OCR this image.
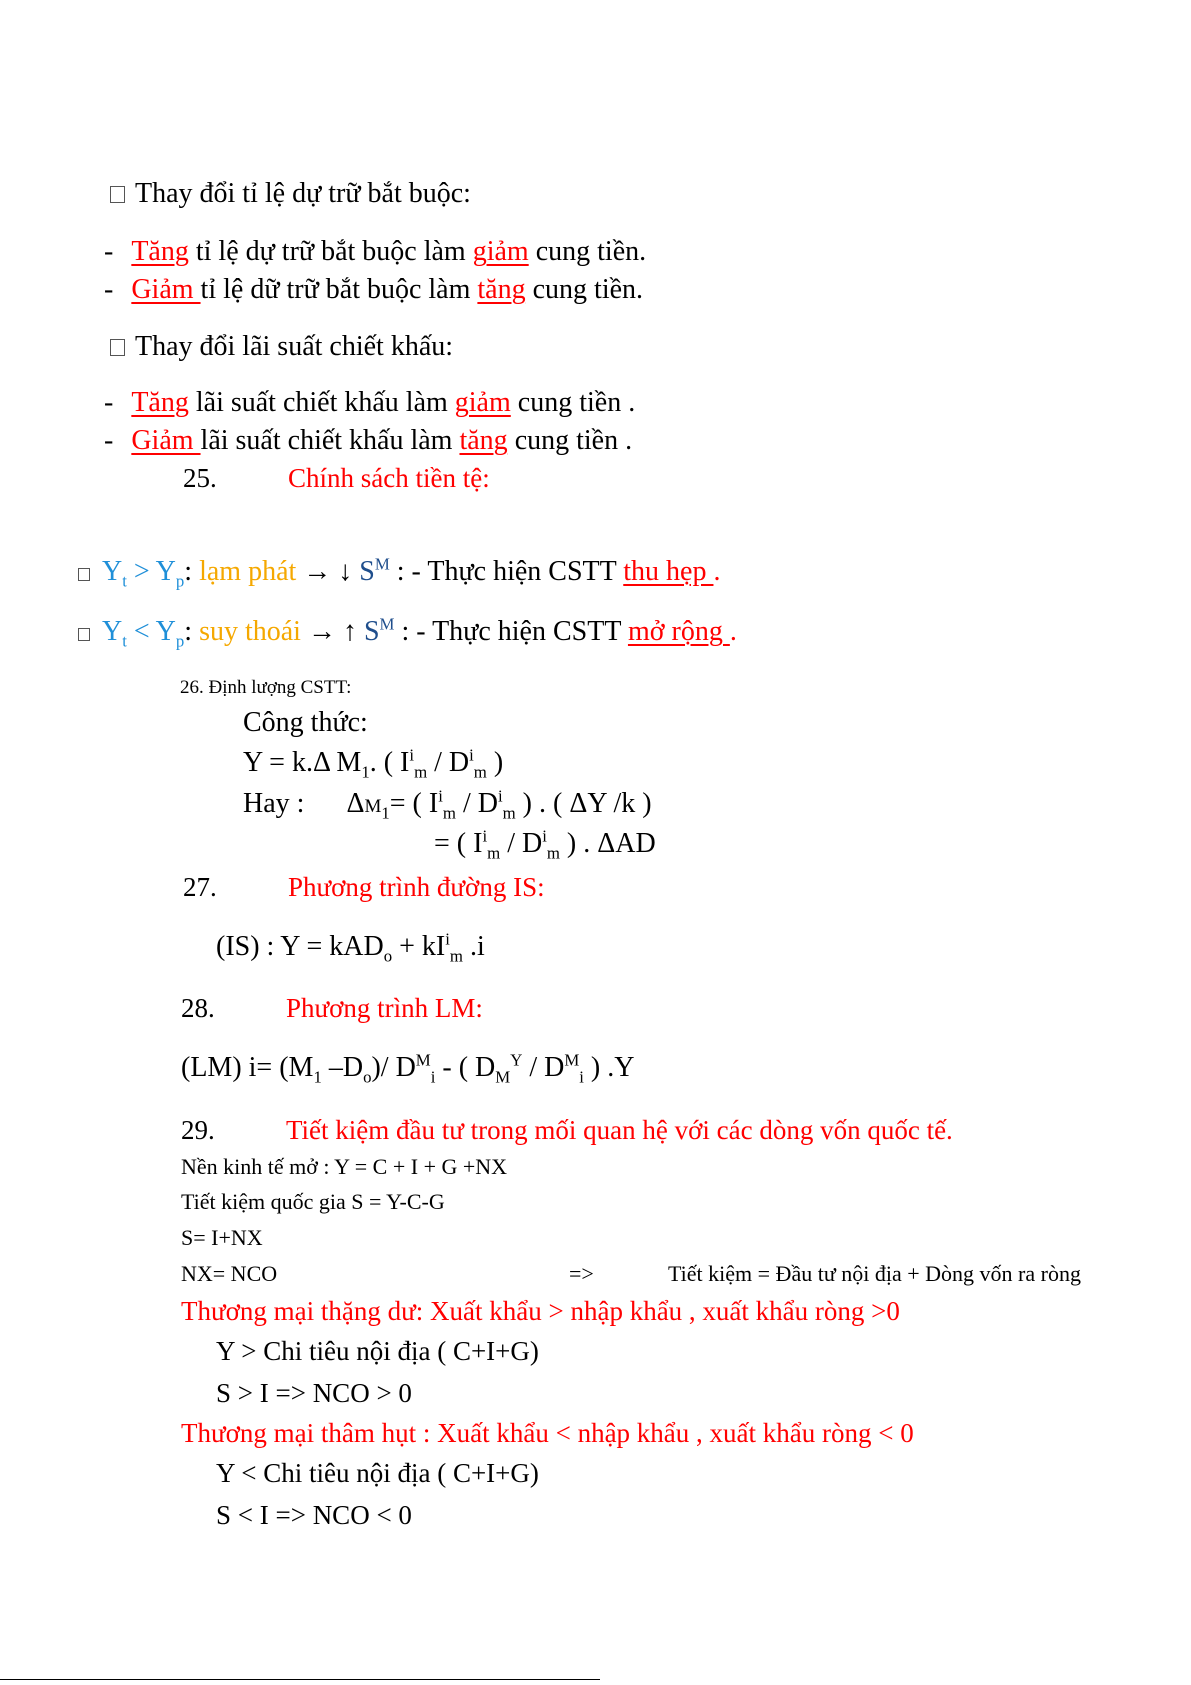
Thay đổi tỉ lệ dự trữ bắt buộc:
- Tăng tỉ lệ dự trữ bắt buộc làm giảm cung tiền.
- Giảm tỉ lệ dữ trữ bắt buộc làm tăng cung tiền.
Thay đổi lãi suất chiết khấu:
- Tăng lãi suất chiết khấu làm giảm cung tiền .
- Giảm lãi suất chiết khấu làm tăng cung tiền .
25.	Chính sách tiền tệ:
$Y_t > Y_p$: lạm phát → ↓ $S^M$ : - Thực hiện CSTT thu hẹp .
$Y_t < Y_p$: suy thoái → ↑ $S^M$ : - Thực hiện CSTT mở rộng .
26. Định lượng CSTT:
Công thức:
Y = k.Δ $M_1$. ( $I^i_m / D^i_m$ )
Hay : $\Delta M_1=$ ( $I^i_m / D^i_m$ ) . ( ΔY /k )
= ( $I^i_m / D^i_m$ ) . ΔAD
27.	Phương trình đường IS:
(IS) : $Y = kAD_o + kI^i_m$ .i
28.	Phương trình LM:
(LM) $i= (M_1$ $-D_o)/$ $D^M_i$ - ( $D_M^Y / D^M_i$ ) .Y
29.	Tiết kiệm đầu tư trong mối quan hệ với các dòng vốn quốc tế.
Nền kinh tế mở : Y = C + I + G +NX
Tiết kiệm quốc gia S = Y-C-G
S= I+NX
NX= NCO	=>	Tiết kiệm = Đầu tư nội địa + Dòng vốn ra ròng
Thương mại thặng dư: Xuất khẩu > nhập khẩu , xuất khẩu ròng >0
Y > Chi tiêu nội địa ( C+I+G)
S > I => NCO > 0
Thương mại thâm hụt : Xuất khẩu < nhập khẩu , xuất khẩu ròng < 0
Y < Chi tiêu nội địa ( C+I+G)
S < I => NCO < 0
